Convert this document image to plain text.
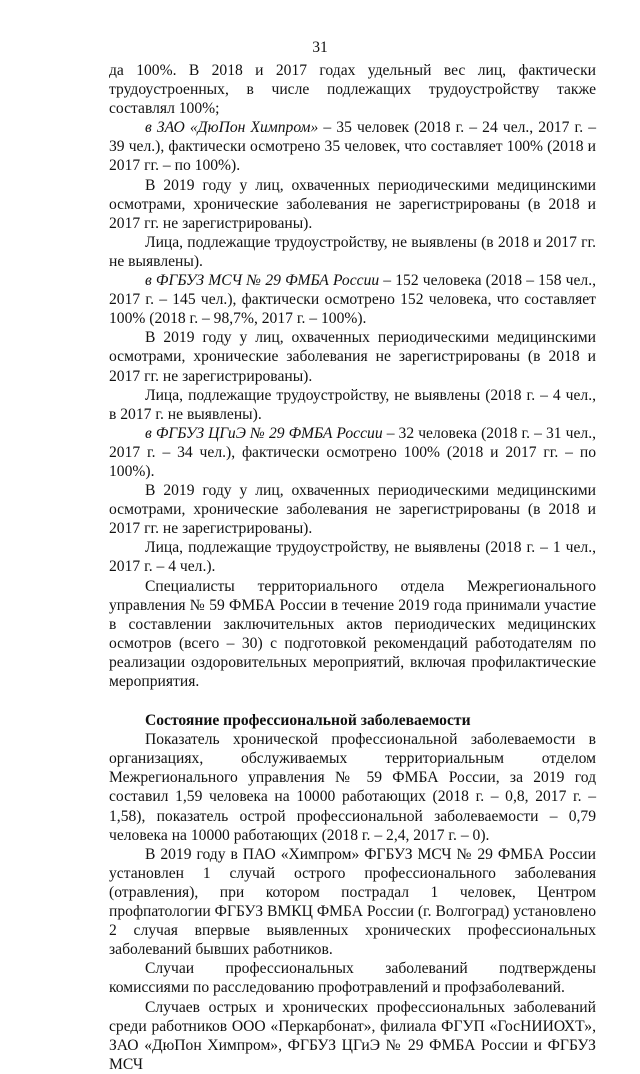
31

да 100%. В 2018 и 2017 годах удельный вес лиц, фактически трудоустроенных, в числе подлежащих трудоустройству также составлял 100%;

в ЗАО «ДюПон Химпром» – 35 человек (2018 г. – 24 чел., 2017 г. – 39 чел.), фактически осмотрено 35 человек, что составляет 100% (2018 и 2017 гг. – по 100%).

В 2019 году у лиц, охваченных периодическими медицинскими осмотрами, хронические заболевания не зарегистрированы (в 2018 и 2017 гг. не зарегистрированы).

Лица, подлежащие трудоустройству, не выявлены (в 2018 и 2017 гг. не выявлены).

в ФГБУЗ МСЧ № 29 ФМБА России – 152 человека (2018 – 158 чел., 2017 г. – 145 чел.), фактически осмотрено 152 человека, что составляет 100% (2018 г. – 98,7%, 2017 г. – 100%).

В 2019 году у лиц, охваченных периодическими медицинскими осмотрами, хронические заболевания не зарегистрированы (в 2018 и 2017 гг. не зарегистрированы).

Лица, подлежащие трудоустройству, не выявлены (2018 г. – 4 чел., в 2017 г. не выявлены).

в ФГБУЗ ЦГиЭ № 29 ФМБА России – 32 человека (2018 г. – 31 чел., 2017 г. – 34 чел.), фактически осмотрено 100% (2018 и 2017 гг. – по 100%).

В 2019 году у лиц, охваченных периодическими медицинскими осмотрами, хронические заболевания не зарегистрированы (в 2018 и 2017 гг. не зарегистрированы).

Лица, подлежащие трудоустройству, не выявлены (2018 г. – 1 чел., 2017 г. – 4 чел.).

Специалисты территориального отдела Межрегионального управления № 59 ФМБА России в течение 2019 года принимали участие в составлении заключительных актов периодических медицинских осмотров (всего – 30) с подготовкой рекомендаций работодателям по реализации оздоровительных мероприятий, включая профилактические мероприятия.

Состояние профессиональной заболеваемости

Показатель хронической профессиональной заболеваемости в организациях, обслуживаемых территориальным отделом Межрегионального управления № 59 ФМБА России, за 2019 год составил 1,59 человека на 10000 работающих (2018 г. – 0,8, 2017 г. – 1,58), показатель острой профессиональной заболеваемости – 0,79 человека на 10000 работающих (2018 г. – 2,4, 2017 г. – 0).

В 2019 году в ПАО «Химпром» ФГБУЗ МСЧ № 29 ФМБА России установлен 1 случай острого профессионального заболевания (отравления), при котором пострадал 1 человек, Центром профпатологии ФГБУЗ ВМКЦ ФМБА России (г. Волгоград) установлено 2 случая впервые выявленных хронических профессиональных заболеваний бывших работников.

Случаи профессиональных заболеваний подтверждены комиссиями по расследованию профотравлений и профзаболеваний.

Случаев острых и хронических профессиональных заболеваний среди работников ООО «Перкарбонат», филиала ФГУП «ГосНИИОХТ», ЗАО «ДюПон Химпром», ФГБУЗ ЦГиЭ № 29 ФМБА России и ФГБУЗ МСЧ
